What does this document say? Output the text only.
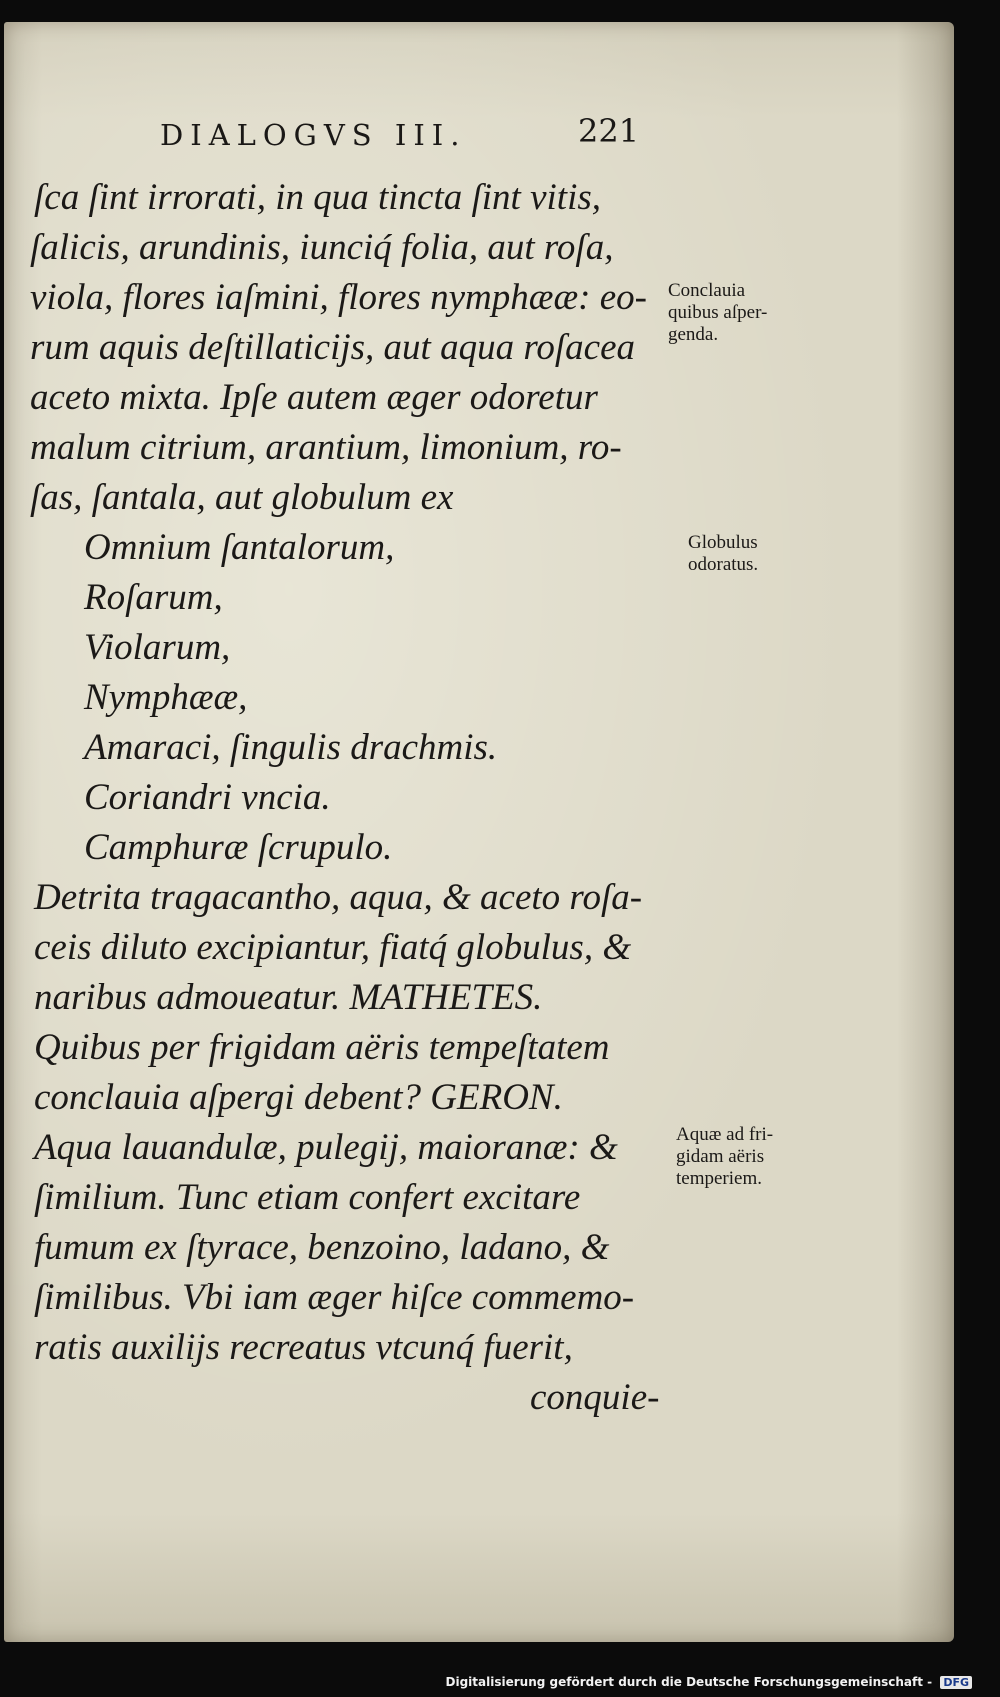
DIALOGVS III.	221
ſca ſint irrorati, in qua tincta ſint vitis,
ſalicis, arundinis, iunciq́ folia, aut roſa,
viola, flores iaſmini, flores nymphææ: eo-
rum aquis deſtillaticijs, aut aqua roſacea
aceto mixta. Ipſe autem æger odoretur
malum citrium, arantium, limonium, ro-
ſas, ſantala, aut globulum ex
Omnium ſantalorum,
Roſarum,
Violarum,
Nymphææ,
Amaraci, ſingulis drachmis.
Coriandri vncia.
Camphuræ ſcrupulo.
Detrita tragacantho, aqua, & aceto roſa-
ceis diluto excipiantur, fiatq́ globulus, &
naribus admoueatur. MATHETES.
Quibus per frigidam aëris tempeſtatem
conclauia aſpergi debent? GERON.
Aqua lauandulæ, pulegij, maioranæ: &
ſimilium. Tunc etiam confert excitare
fumum ex ſtyrace, benzoino, ladano, &
ſimilibus. Vbi iam æger hiſce commemo-
ratis auxilijs recreatus vtcunq́ fuerit,
conquie-
Conclauia
quibus aſper-
genda.
Globulus
odoratus.
Aquæ ad fri-
gidam aëris
temperiem.
Digitalisierung gefördert durch die Deutsche Forschungsgemeinschaft - DFG
